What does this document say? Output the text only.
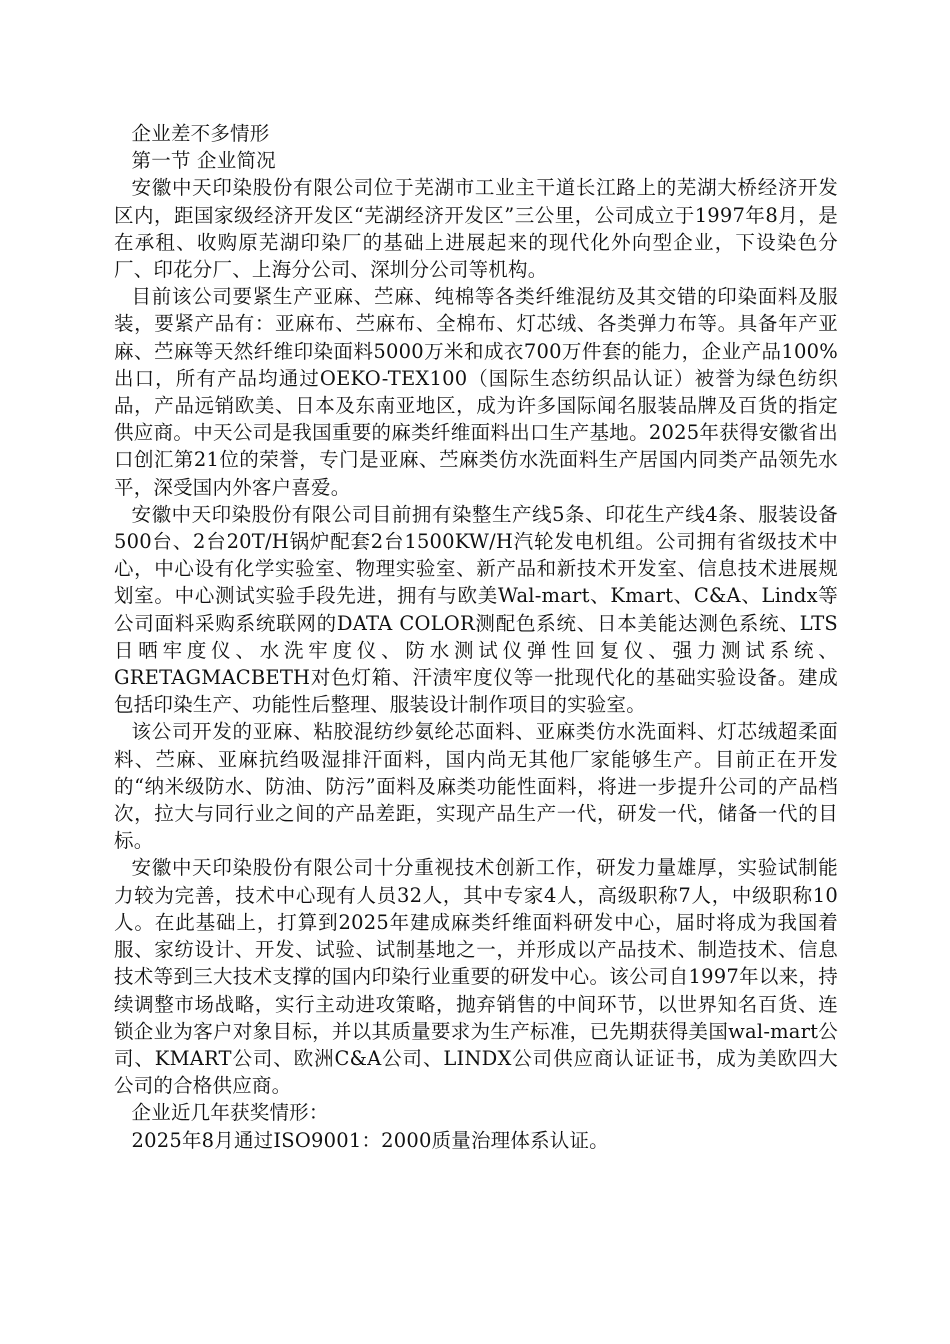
企业差不多情形

第一节 企业简况

安徽中天印染股份有限公司位于芜湖市工业主干道长江路上的芜湖大桥经济开发区内，距国家级经济开发区“芜湖经济开发区”三公里，公司成立于1997年8月，是在承租、收购原芜湖印染厂的基础上进展起来的现代化外向型企业，下设染色分厂、印花分厂、上海分公司、深圳分公司等机构。

目前该公司要紧生产亚麻、苎麻、纯棉等各类纤维混纺及其交错的印染面料及服装，要紧产品有：亚麻布、苎麻布、全棉布、灯芯绒、各类弹力布等。具备年产亚麻、苎麻等天然纤维印染面料5000万米和成衣700万件套的能力，企业产品100%出口，所有产品均通过OEKO-TEX100（国际生态纺织品认证）被誉为绿色纺织品，产品远销欧美、日本及东南亚地区，成为许多国际闻名服装品牌及百货的指定供应商。中天公司是我国重要的麻类纤维面料出口生产基地。2025年获得安徽省出口创汇第21位的荣誉，专门是亚麻、苎麻类仿水洗面料生产居国内同类产品领先水平，深受国内外客户喜爱。

安徽中天印染股份有限公司目前拥有染整生产线5条、印花生产线4条、服装设备500台、2台20T/H锅炉配套2台1500KW/H汽轮发电机组。公司拥有省级技术中心，中心设有化学实验室、物理实验室、新产品和新技术开发室、信息技术进展规划室。中心测试实验手段先进，拥有与欧美Wal-mart、Kmart、C&A、Lindx等公司面料采购系统联网的DATA COLOR测配色系统、日本美能达测色系统、LTS日晒牢度仪、水洗牢度仪、防水测试仪弹性回复仪、强力测试系统、GRETAGMACBETH对色灯箱、汗渍牢度仪等一批现代化的基础实验设备。建成包括印染生产、功能性后整理、服装设计制作项目的实验室。

该公司开发的亚麻、粘胶混纺纱氨纶芯面料、亚麻类仿水洗面料、灯芯绒超柔面料、苎麻、亚麻抗绉吸湿排汗面料，国内尚无其他厂家能够生产。目前正在开发的“纳米级防水、防油、防污”面料及麻类功能性面料，将进一步提升公司的产品档次，拉大与同行业之间的产品差距，实现产品生产一代，研发一代，储备一代的目标。

安徽中天印染股份有限公司十分重视技术创新工作，研发力量雄厚，实验试制能力较为完善，技术中心现有人员32人，其中专家4人，高级职称7人，中级职称10人。在此基础上，打算到2025年建成麻类纤维面料研发中心，届时将成为我国着服、家纺设计、开发、试验、试制基地之一，并形成以产品技术、制造技术、信息技术等到三大技术支撑的国内印染行业重要的研发中心。该公司自1997年以来，持续调整市场战略，实行主动进攻策略，抛弃销售的中间环节，以世界知名百货、连锁企业为客户对象目标，并以其质量要求为生产标准，已先期获得美国wal-mart公司、KMART公司、欧洲C&A公司、LINDX公司供应商认证证书，成为美欧四大公司的合格供应商。

企业近几年获奖情形：

2025年8月通过ISO9001：2000质量治理体系认证。
